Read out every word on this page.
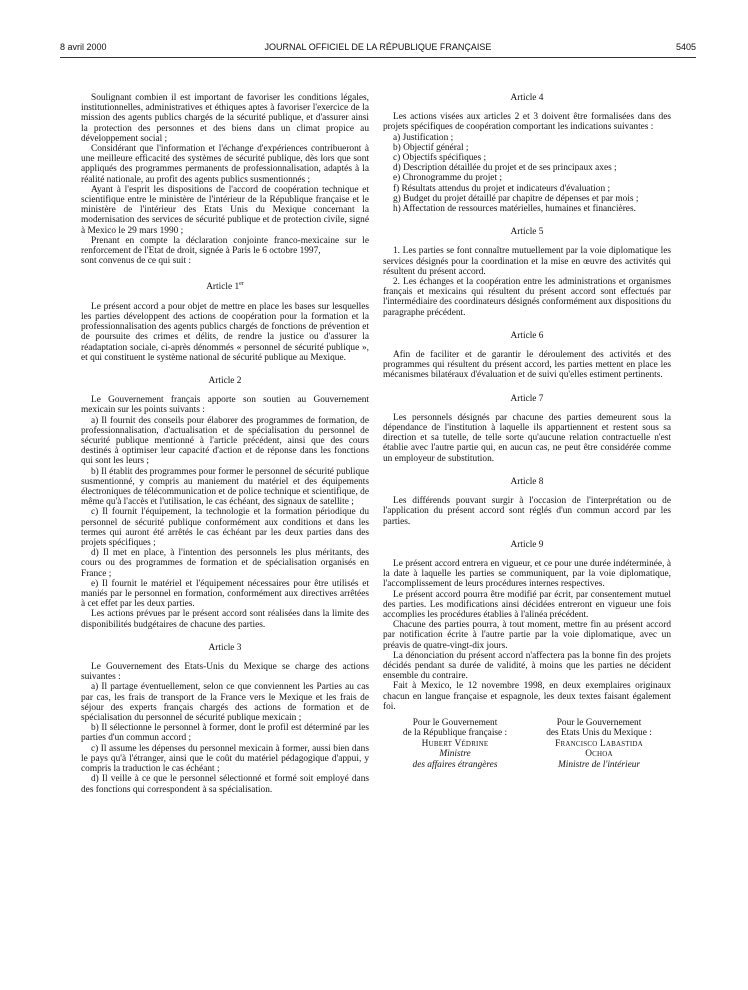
8 avril 2000	JOURNAL OFFICIEL DE LA RÉPUBLIQUE FRANÇAISE	5405

Soulignant combien il est important de favoriser les conditions légales, institutionnelles, administratives et éthiques aptes à favoriser l'exercice de la mission des agents publics chargés de la sécurité publique, et d'assurer ainsi la protection des personnes et des biens dans un climat propice au développement social ;

Considérant que l'information et l'échange d'expériences contribueront à une meilleure efficacité des systèmes de sécurité publique, dès lors que sont appliqués des programmes permanents de professionnalisation, adaptés à la réalité nationale, au profit des agents publics susmentionnés ;

Ayant à l'esprit les dispositions de l'accord de coopération technique et scientifique entre le ministère de l'intérieur de la République française et le ministère de l'intérieur des Etats Unis du Mexique concernant la modernisation des services de sécurité publique et de protection civile, signé à Mexico le 29 mars 1990 ;

Prenant en compte la déclaration conjointe franco-mexicaine sur le renforcement de l'Etat de droit, signée à Paris le 6 octobre 1997,

sont convenus de ce qui suit :

Article 1er

Le présent accord a pour objet de mettre en place les bases sur lesquelles les parties développent des actions de coopération pour la formation et la professionnalisation des agents publics chargés de fonctions de prévention et de poursuite des crimes et délits, de rendre la justice ou d'assurer la réadaptation sociale, ci-après dénommés « personnel de sécurité publique », et qui constituent le système national de sécurité publique au Mexique.

Article 2

Le Gouvernement français apporte son soutien au Gouvernement mexicain sur les points suivants :

a) Il fournit des conseils pour élaborer des programmes de formation, de professionnalisation, d'actualisation et de spécialisation du personnel de sécurité publique mentionné à l'article précédent, ainsi que des cours destinés à optimiser leur capacité d'action et de réponse dans les fonctions qui sont les leurs ;

b) Il établit des programmes pour former le personnel de sécurité publique susmentionné, y compris au maniement du matériel et des équipements électroniques de télécommunication et de police technique et scientifique, de même qu'à l'accès et l'utilisation, le cas échéant, des signaux de satellite ;

c) Il fournit l'équipement, la technologie et la formation périodique du personnel de sécurité publique conformément aux conditions et dans les termes qui auront été arrêtés le cas échéant par les deux parties dans des projets spécifiques ;

d) Il met en place, à l'intention des personnels les plus méritants, des cours ou des programmes de formation et de spécialisation organisés en France ;

e) Il fournit le matériel et l'équipement nécessaires pour être utilisés et maniés par le personnel en formation, conformément aux directives arrêtées à cet effet par les deux parties.

Les actions prévues par le présent accord sont réalisées dans la limite des disponibilités budgétaires de chacune des parties.

Article 3

Le Gouvernement des Etats-Unis du Mexique se charge des actions suivantes :

a) Il partage éventuellement, selon ce que conviennent les Parties au cas par cas, les frais de transport de la France vers le Mexique et les frais de séjour des experts français chargés des actions de formation et de spécialisation du personnel de sécurité publique mexicain ;

b) Il sélectionne le personnel à former, dont le profil est déterminé par les parties d'un commun accord ;

c) Il assume les dépenses du personnel mexicain à former, aussi bien dans le pays qu'à l'étranger, ainsi que le coût du matériel pédagogique d'appui, y compris la traduction le cas échéant ;

d) Il veille à ce que le personnel sélectionné et formé soit employé dans des fonctions qui correspondent à sa spécialisation.

Article 4

Les actions visées aux articles 2 et 3 doivent être formalisées dans des projets spécifiques de coopération comportant les indications suivantes :

a) Justification ;

b) Objectif général ;

c) Objectifs spécifiques ;

d) Description détaillée du projet et de ses principaux axes ;

e) Chronogramme du projet ;

f) Résultats attendus du projet et indicateurs d'évaluation ;

g) Budget du projet détaillé par chapitre de dépenses et par mois ;

h) Affectation de ressources matérielles, humaines et financières.

Article 5

1. Les parties se font connaître mutuellement par la voie diplomatique les services désignés pour la coordination et la mise en œuvre des activités qui résultent du présent accord.

2. Les échanges et la coopération entre les administrations et organismes français et mexicains qui résultent du présent accord sont effectués par l'intermédiaire des coordinateurs désignés conformément aux dispositions du paragraphe précédent.

Article 6

Afin de faciliter et de garantir le déroulement des activités et des programmes qui résultent du présent accord, les parties mettent en place les mécanismes bilatéraux d'évaluation et de suivi qu'elles estiment pertinents.

Article 7

Les personnels désignés par chacune des parties demeurent sous la dépendance de l'institution à laquelle ils appartiennent et restent sous sa direction et sa tutelle, de telle sorte qu'aucune relation contractuelle n'est établie avec l'autre partie qui, en aucun cas, ne peut être considérée comme un employeur de substitution.

Article 8

Les différends pouvant surgir à l'occasion de l'interprétation ou de l'application du présent accord sont réglés d'un commun accord par les parties.

Article 9

Le présent accord entrera en vigueur, et ce pour une durée indéterminée, à la date à laquelle les parties se communiquent, par la voie diplomatique, l'accomplissement de leurs procédures internes respectives.

Le présent accord pourra être modifié par écrit, par consentement mutuel des parties. Les modifications ainsi décidées entreront en vigueur une fois accomplies les procédures établies à l'alinéa précédent.

Chacune des parties pourra, à tout moment, mettre fin au présent accord par notification écrite à l'autre partie par la voie diplomatique, avec un préavis de quatre-vingt-dix jours.

La dénonciation du présent accord n'affectera pas la bonne fin des projets décidés pendant sa durée de validité, à moins que les parties ne décident ensemble du contraire.

Fait à Mexico, le 12 novembre 1998, en deux exemplaires originaux chacun en langue française et espagnole, les deux textes faisant également foi.

Pour le Gouvernement
de la République française :
Hubert Védrine
Ministre
des affaires étrangères
Pour le Gouvernement
des Etats Unis du Mexique :
Francisco Labastida
Ochoa
Ministre de l'intérieur
